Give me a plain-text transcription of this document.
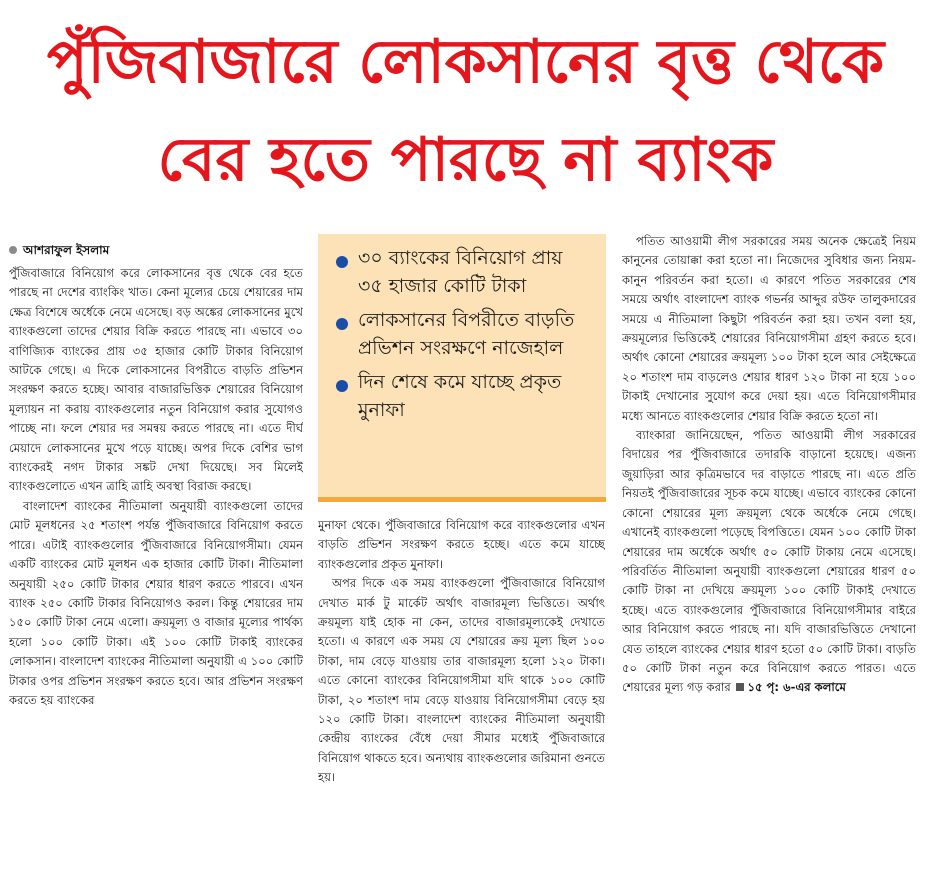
পুঁজিবাজারে লোকসানের বৃত্ত থেকে
বের হতে পারছে না ব্যাংক
আশরাফুল ইসলাম

পুঁজিবাজারে বিনিয়োগ করে লোকসানের বৃত্ত থেকে বের হতে পারছে না দেশের ব্যাংকিং খাত। কেনা মূল্যের চেয়ে শেয়ারের দাম ক্ষেত্র বিশেষে অর্ধেকে নেমে এসেছে। বড় অঙ্কের লোকসানের মুখে ব্যাংকগুলো তাদের শেয়ার বিক্রি করতে পারছে না। এভাবে ৩০ বাণিজ্যিক ব্যাংকের প্রায় ৩৫ হাজার কোটি টাকার বিনিয়োগ আটকে গেছে। এ দিকে লোকসানের বিপরীতে বাড়তি প্রভিশন সংরক্ষণ করতে হচ্ছে। আবার বাজারভিত্তিক শেয়ারের বিনিয়োগ মূল্যায়ন না করায় ব্যাংকগুলোর নতুন বিনিয়োগ করার সুযোগও পাচ্ছে না। ফলে শেয়ার দর সমন্বয় করতে পারছে না। এতে দীর্ঘ মেয়াদে লোকসানের মুখে পড়ে যাচ্ছে। অপর দিকে বেশির ভাগ ব্যাংকেরই নগদ টাকার সঙ্কট দেখা দিয়েছে। সব মিলেই ব্যাংকগুলোতে এখন ত্রাহি ত্রাহি অবস্থা বিরাজ করছে।

বাংলাদেশ ব্যাংকের নীতিমালা অনুযায়ী ব্যাংকগুলো তাদের মোট মূলধনের ২৫ শতাংশ পর্যন্ত পুঁজিবাজারে বিনিয়োগ করতে পারে। এটাই ব্যাংকগুলোর পুঁজিবাজারে বিনিয়োগসীমা। যেমন একটি ব্যাংকের মোট মূলধন এক হাজার কোটি টাকা। নীতিমালা অনুযায়ী ২৫০ কোটি টাকার শেয়ার ধারণ করতে পারবে। এখন ব্যাংক ২৫০ কোটি টাকার বিনিয়োগও করল। কিন্তু শেয়ারের দাম ১৫০ কোটি টাকা নেমে এলো। ক্রয়মূল্য ও বাজার মূল্যের পার্থক্য হলো ১০০ কোটি টাকা। এই ১০০ কোটি টাকাই ব্যাংকের লোকসান। বাংলাদেশ ব্যাংকের নীতিমালা অনুযায়ী এ ১০০ কোটি টাকার ওপর প্রভিশন সংরক্ষণ করতে হবে। আর প্রভিশন সংরক্ষণ করতে হয় ব্যাংকের

৩০ ব্যাংকের বিনিয়োগ প্রায় ৩৫ হাজার কোটি টাকা
লোকসানের বিপরীতে বাড়তি প্রভিশন সংরক্ষণে নাজেহাল
দিন শেষে কমে যাচ্ছে প্রকৃত মুনাফা

মুনাফা থেকে। পুঁজিবাজারে বিনিয়োগ করে ব্যাংকগুলোর এখন বাড়তি প্রভিশন সংরক্ষণ করতে হচ্ছে। এতে কমে যাচ্ছে ব্যাংকগুলোর প্রকৃত মুনাফা।

অপর দিকে এক সময় ব্যাংকগুলো পুঁজিবাজারে বিনিয়োগ দেখাত মার্ক টু মার্কেট অর্থাৎ বাজারমূল্য ভিত্তিতে। অর্থাৎ ক্রয়মূল্য যাই হোক না কেন, তাদের বাজারমূল্যকেই দেখাতে হতো। এ কারণে এক সময় যে শেয়ারের ক্রয় মূল্য ছিল ১০০ টাকা, দাম বেড়ে যাওয়ায় তার বাজারমূল্য হলো ১২০ টাকা। এতে কোনো ব্যাংকের বিনিয়োগসীমা যদি থাকে ১০০ কোটি টাকা, ২০ শতাংশ দাম বেড়ে যাওয়ায় বিনিয়োগসীমা বেড়ে হয় ১২০ কোটি টাকা। বাংলাদেশ ব্যাংকের নীতিমালা অনুযায়ী কেন্দ্রীয় ব্যাংকের বেঁধে দেয়া সীমার মধ্যেই পুঁজিবাজারে বিনিয়োগ থাকতে হবে। অন্যথায় ব্যাংকগুলোর জরিমানা গুনতে হয়।

পতিত আওয়ামী লীগ সরকারের সময় অনেক ক্ষেত্রেই নিয়ম কানুনের তোয়াক্কা করা হতো না। নিজেদের সুবিধার জন্য নিয়ম-কানুন পরিবর্তন করা হতো। এ কারণে পতিত সরকারের শেষ সময়ে অর্থাৎ বাংলাদেশ ব্যাংক গভর্নর আব্দুর রউফ তালুকদারের সময়ে এ নীতিমালা কিছুটা পরিবর্তন করা হয়। তখন বলা হয়, ক্রয়মূল্যের ভিত্তিকেই শেয়ারের বিনিয়োগসীমা গ্রহণ করতে হবে। অর্থাৎ কোনো শেয়ারের ক্রয়মূল্য ১০০ টাকা হলে আর সেইক্ষেত্রে ২০ শতাংশ দাম বাড়লেও শেয়ার ধারণ ১২০ টাকা না হয়ে ১০০ টাকাই দেখানোর সুযোগ করে দেয়া হয়। এতে বিনিয়োগসীমার মধ্যে আনতে ব্যাংকগুলোর শেয়ার বিক্রি করতে হতো না।

ব্যাংকারা জানিয়েছেন, পতিত আওয়ামী লীগ সরকারের বিদায়ের পর পুঁজিবাজারে তদারকি বাড়ানো হয়েছে। এজন্য জুয়াড়িরা আর কৃত্রিমভাবে দর বাড়াতে পারছে না। এতে প্রতি নিয়তই পুঁজিবাজারের সূচক কমে যাচ্ছে। এভাবে ব্যাংকের কোনো কোনো শেয়ারের মূল্য ক্রয়মূল্য থেকে অর্ধেকে নেমে গেছে। এখানেই ব্যাংকগুলো পড়েছে বিপত্তিতে। যেমন ১০০ কোটি টাকা শেয়ারের দাম অর্ধেকে অর্থাৎ ৫০ কোটি টাকায় নেমে এসেছে। পরিবর্তিত নীতিমালা অনুযায়ী ব্যাংকগুলো শেয়ারের ধারণ ৫০ কোটি টাকা না দেখিয়ে ক্রয়মূল্য ১০০ কোটি টাকাই দেখাতে হচ্ছে। এতে ব্যাংকগুলোর পুঁজিবাজারে বিনিয়োগসীমার বাইরে আর বিনিয়োগ করতে পারছে না। যদি বাজারভিত্তিতে দেখানো যেত তাহলে ব্যাংকের শেয়ার ধারণ হতো ৫০ কোটি টাকা। বাড়তি ৫০ কোটি টাকা নতুন করে বিনিয়োগ করতে পারত। এতে শেয়ারের মূল্য গড় করার ১৫ পৃ: ৬-এর কলামে
